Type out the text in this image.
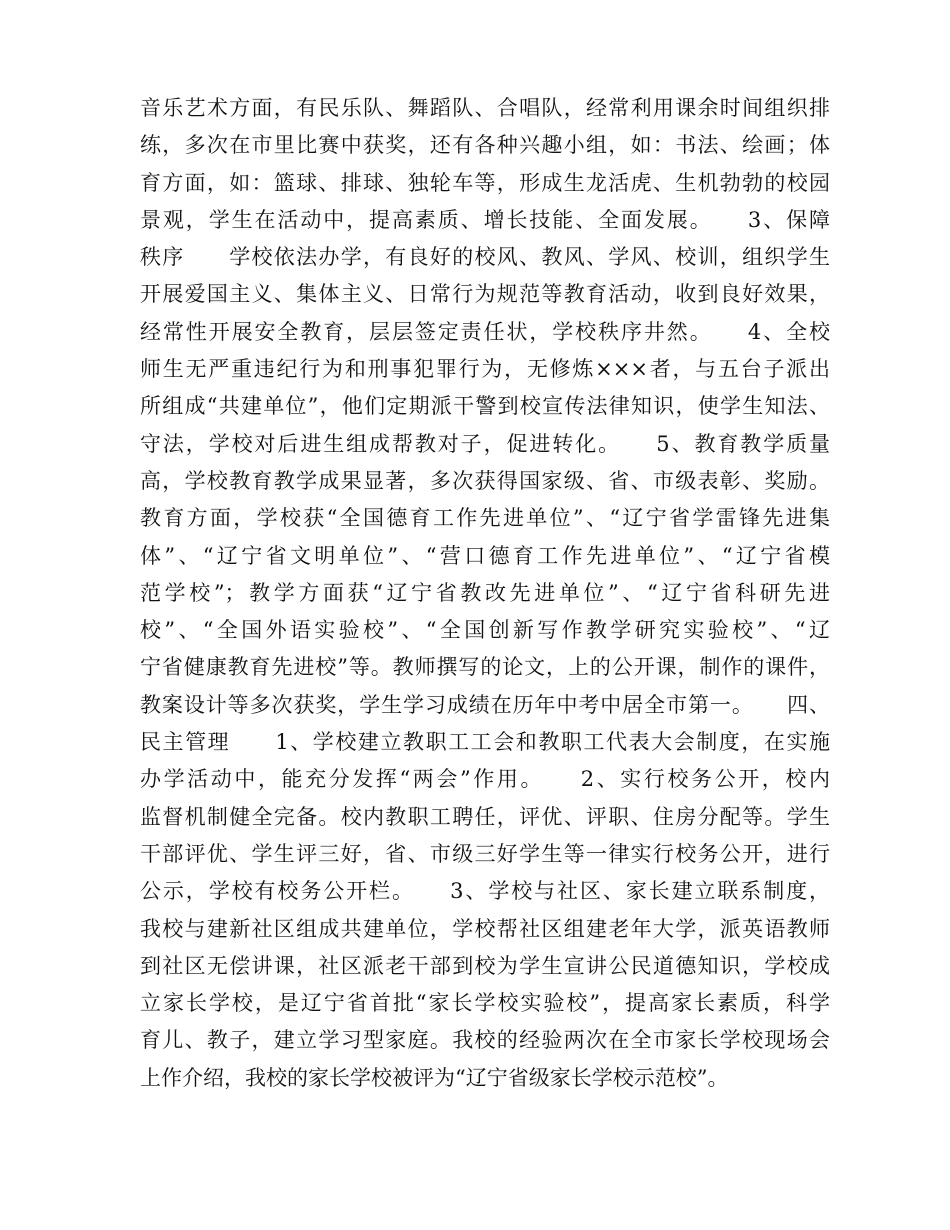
音乐艺术方面，有民乐队、舞蹈队、合唱队，经常利用课余时间组织排
练，多次在市里比赛中获奖，还有各种兴趣小组，如：书法、绘画；体
育方面，如：篮球、排球、独轮车等，形成生龙活虎、生机勃勃的校园
景观，学生在活动中，提高素质、增长技能、全面发展。　　3、保障
秩序　　学校依法办学，有良好的校风、教风、学风、校训，组织学生
开展爱国主义、集体主义、日常行为规范等教育活动，收到良好效果，
经常性开展安全教育，层层签定责任状，学校秩序井然。　　4、全校
师生无严重违纪行为和刑事犯罪行为，无修炼×××者，与五台子派出
所组成“共建单位”，他们定期派干警到校宣传法律知识，使学生知法、
守法，学校对后进生组成帮教对子，促进转化。　　5、教育教学质量
高，学校教育教学成果显著，多次获得国家级、省、市级表彰、奖励。
教育方面，学校获“全国德育工作先进单位”、“辽宁省学雷锋先进集
体”、“辽宁省文明单位”、“营口德育工作先进单位”、“辽宁省模
范学校”；教学方面获“辽宁省教改先进单位”、“辽宁省科研先进
校”、“全国外语实验校”、“全国创新写作教学研究实验校”、“辽
宁省健康教育先进校”等。教师撰写的论文，上的公开课，制作的课件，
教案设计等多次获奖，学生学习成绩在历年中考中居全市第一。　　四、
民主管理　　1、学校建立教职工工会和教职工代表大会制度，在实施
办学活动中，能充分发挥“两会”作用。　　2、实行校务公开，校内
监督机制健全完备。校内教职工聘任，评优、评职、住房分配等。学生
干部评优、学生评三好，省、市级三好学生等一律实行校务公开，进行
公示，学校有校务公开栏。　　3、学校与社区、家长建立联系制度，
我校与建新社区组成共建单位，学校帮社区组建老年大学，派英语教师
到社区无偿讲课，社区派老干部到校为学生宣讲公民道德知识，学校成
立家长学校，是辽宁省首批“家长学校实验校”，提高家长素质，科学
育儿、教子，建立学习型家庭。我校的经验两次在全市家长学校现场会
上作介绍，我校的家长学校被评为“辽宁省级家长学校示范校”。
